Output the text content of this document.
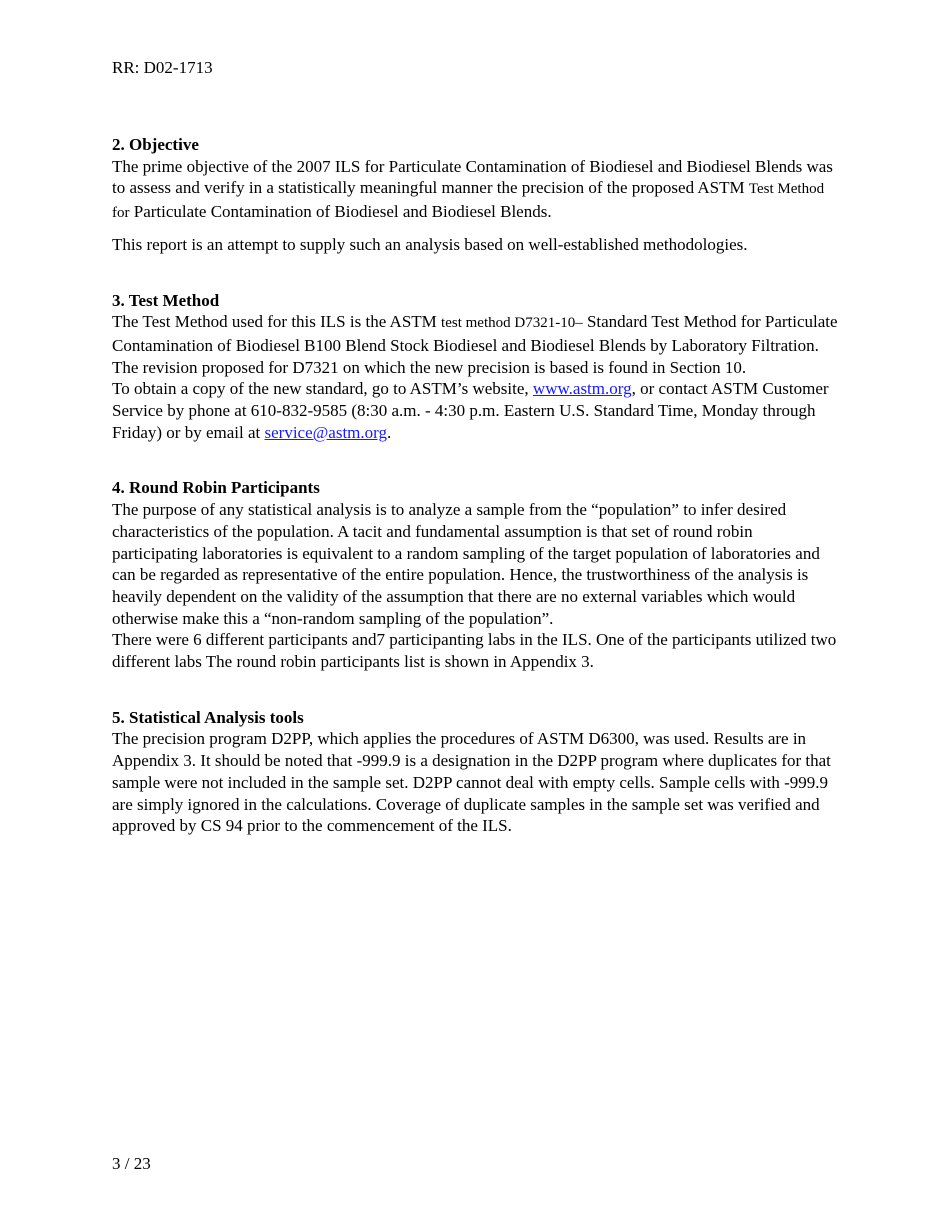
RR: D02-1713
2. Objective

The prime objective of the 2007 ILS for Particulate Contamination of Biodiesel and Biodiesel Blends was to assess and verify in a statistically meaningful manner the precision of the proposed ASTM Test Method for Particulate Contamination of Biodiesel and Biodiesel Blends.

This report is an attempt to supply such an analysis based on well-established methodologies.

3. Test Method

The Test Method used for this ILS is the ASTM test method D7321-10– Standard Test Method for Particulate Contamination of Biodiesel B100 Blend Stock Biodiesel and Biodiesel Blends by Laboratory Filtration.

The revision proposed for D7321 on which the new precision is based is found in Section 10.

To obtain a copy of the new standard, go to ASTM’s website, www.astm.org, or contact ASTM Customer Service by phone at 610-832-9585 (8:30 a.m. - 4:30 p.m. Eastern U.S. Standard Time, Monday through Friday) or by email at service@astm.org.

4. Round Robin Participants

The purpose of any statistical analysis is to analyze a sample from the “population” to infer desired characteristics of the population. A tacit and fundamental assumption is that set of round robin participating laboratories is equivalent to a random sampling of the target population of laboratories and can be regarded as representative of the entire population. Hence, the trustworthiness of the analysis is heavily dependent on the validity of the assumption that there are no external variables which would otherwise make this a “non-random sampling of the population”.

There were 6 different participants and7 participanting labs in the ILS. One of the participants utilized two different labs The round robin participants list is shown in Appendix 3.

5. Statistical Analysis tools

The precision program D2PP, which applies the procedures of ASTM D6300, was used. Results are in Appendix 3. It should be noted that -999.9 is a designation in the D2PP program where duplicates for that sample were not included in the sample set. D2PP cannot deal with empty cells. Sample cells with -999.9 are simply ignored in the calculations. Coverage of duplicate samples in the sample set was verified and approved by CS 94 prior to the commencement of the ILS.

3 / 23
